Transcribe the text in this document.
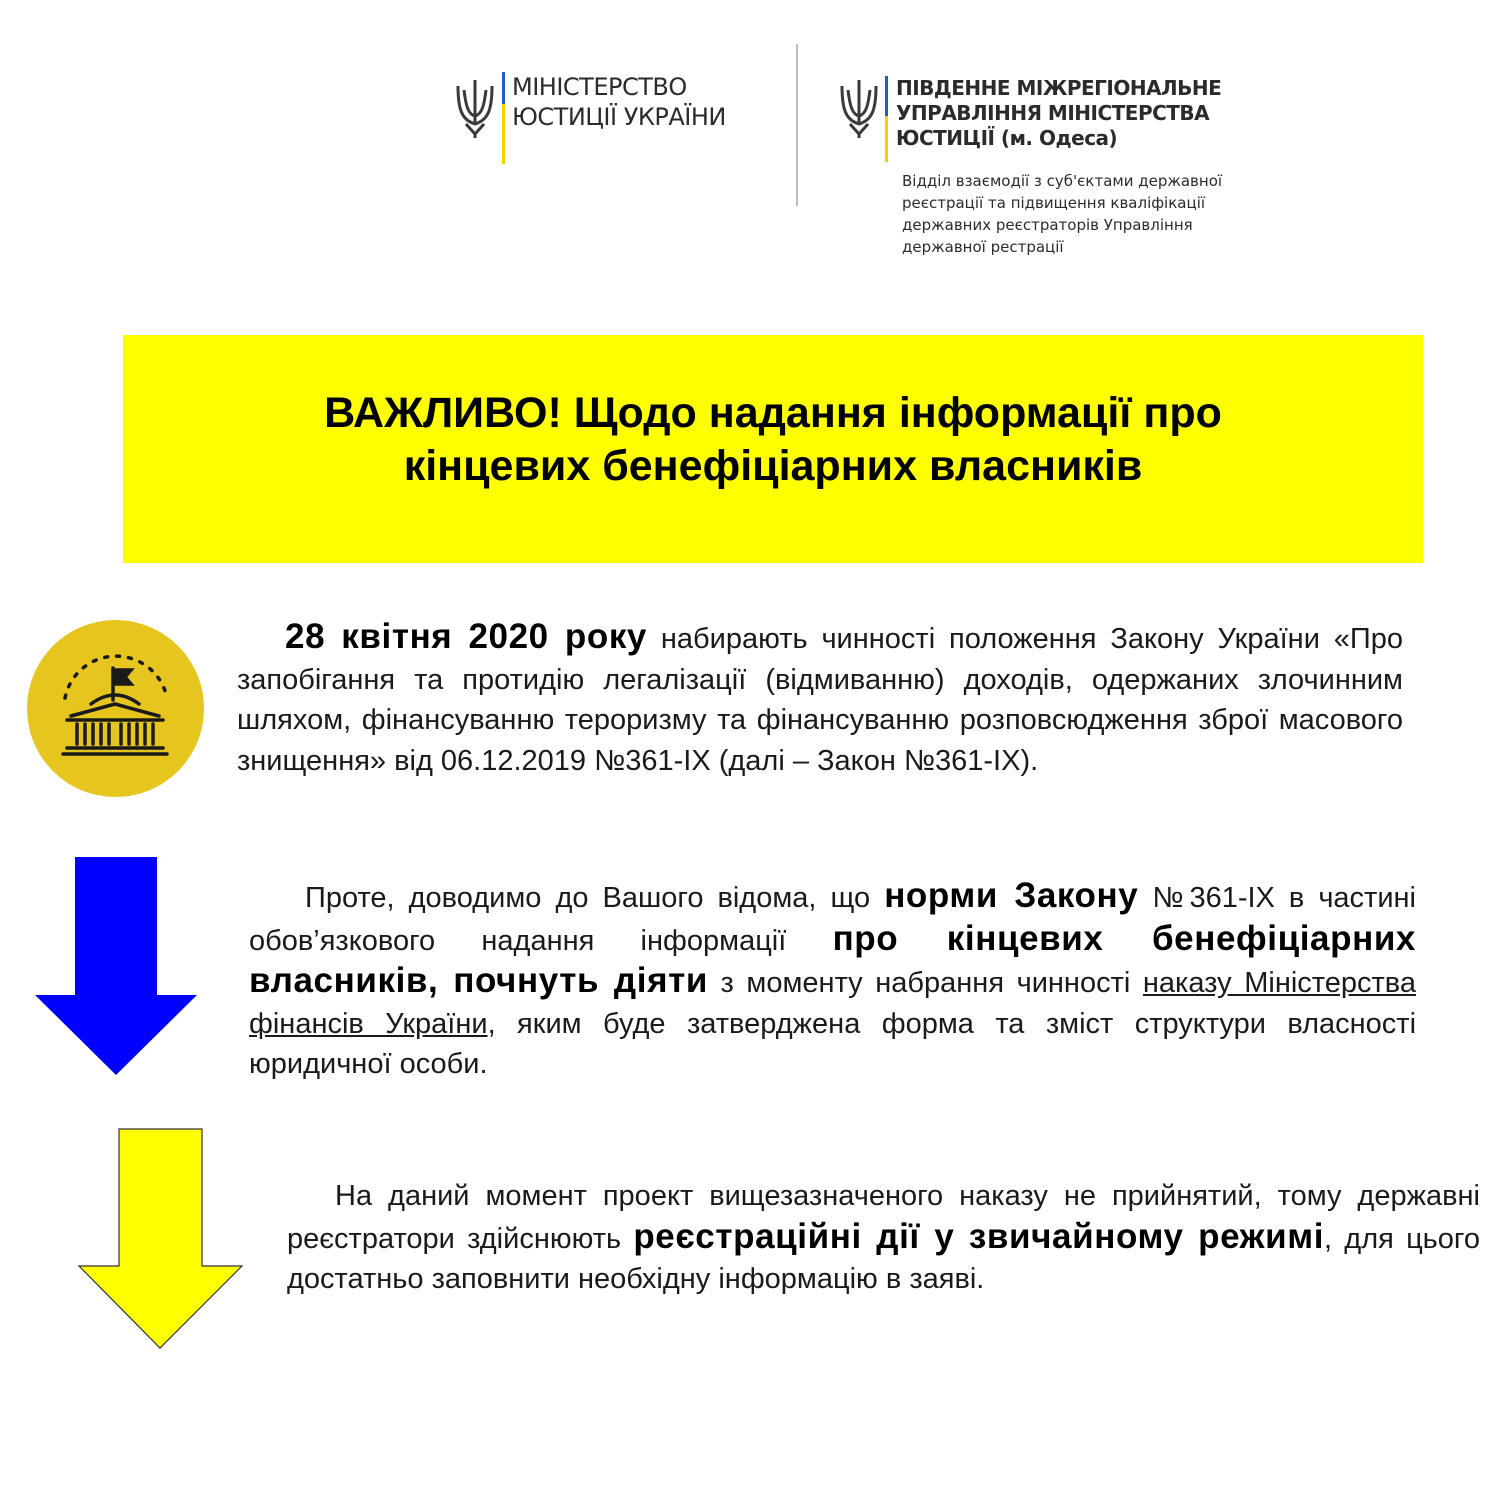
МІНІСТЕРСТВО
ЮСТИЦІЇ УКРАЇНИ
ПІВДЕННЕ МІЖРЕГІОНАЛЬНЕ
УПРАВЛІННЯ МІНІСТЕРСТВА
ЮСТИЦІЇ (м. Одеса)
Відділ взаємодії з суб'єктами державної
реєстрації та підвищення кваліфікації
державних реєстраторів Управління
державної рестрації
ВАЖЛИВО! Щодо надання інформації про
кінцевих бенефіціарних власників

28 квітня 2020 року набирають чинності положення Закону України «Про запобігання та протидію легалізації (відмиванню) доходів, одержаних злочинним шляхом, фінансуванню тероризму та фінансуванню розповсюдження зброї масового знищення» від 06.12.2019 №361-IX (далі – Закон №361-IX).

Проте, доводимо до Вашого відома, що норми Закону №361-IX в частині обов’язкового надання інформації про кінцевих бенефіціарних власників, почнуть діяти з моменту набрання чинності наказу Міністерства фінансів України, яким буде затверджена форма та зміст структури власності юридичної особи.

На даний момент проект вищезазначеного наказу не прийнятий, тому державні реєстратори здійснюють реєстраційні дії у звичайному режимі, для цього достатньо заповнити необхідну інформацію в заяві.
